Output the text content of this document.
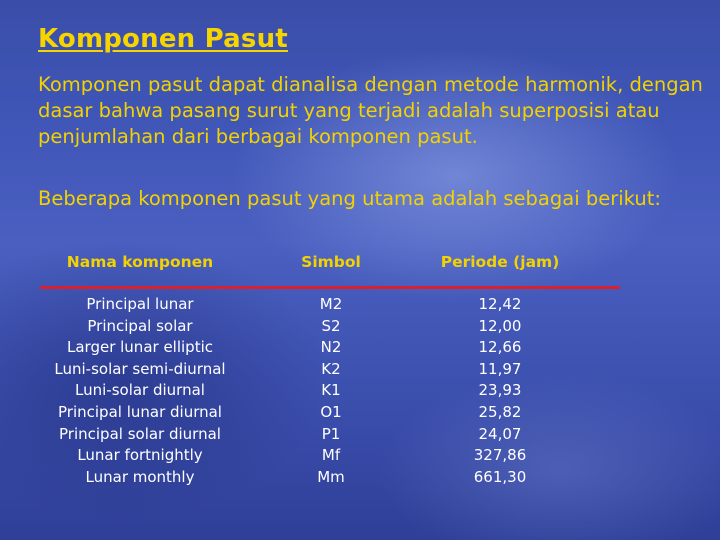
Komponen Pasut

Komponen pasut dapat dianalisa dengan metode harmonik, dengan dasar bahwa pasang surut yang terjadi adalah superposisi atau penjumlahan dari berbagai komponen pasut.

Beberapa komponen pasut yang utama adalah sebagai berikut:

Nama komponen	Simbol	Periode (jam)
Principal lunar
Principal solar
Larger lunar elliptic
Luni-solar semi-diurnal
Luni-solar diurnal
Principal lunar diurnal
Principal solar diurnal
Lunar fortnightly
Lunar monthly
M2
S2
N2
K2
K1
O1
P1
Mf
Mm
12,42
12,00
12,66
11,97
23,93
25,82
24,07
327,86
661,30
